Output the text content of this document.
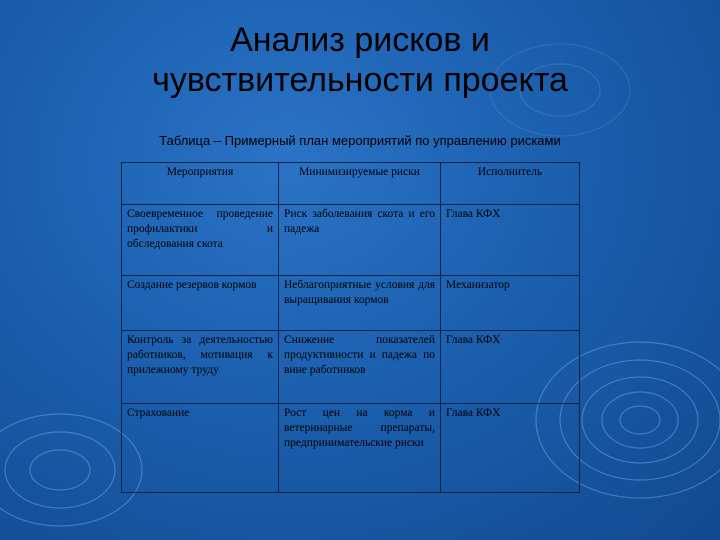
Анализ рисков и
чувствительности проекта
Таблица – Примерный план мероприятий по управлению рисками
Мероприятия	Минимизируемые риски	Исполнитель
Своевременное проведение профилактики и обследования скота	Риск заболевания скота и его падежа	Глава КФХ
Создание резервов кормов	Неблагоприятные условия для выращивания кормов	Механизатор
Контроль за деятельностью работников, мотивация к прилежному труду	Снижение показателей продуктивности и падежа по вине работников	Глава КФХ
Страхование	Рост цен на корма и ветеринарные препараты, предпринимательские риски	Глава КФХ
